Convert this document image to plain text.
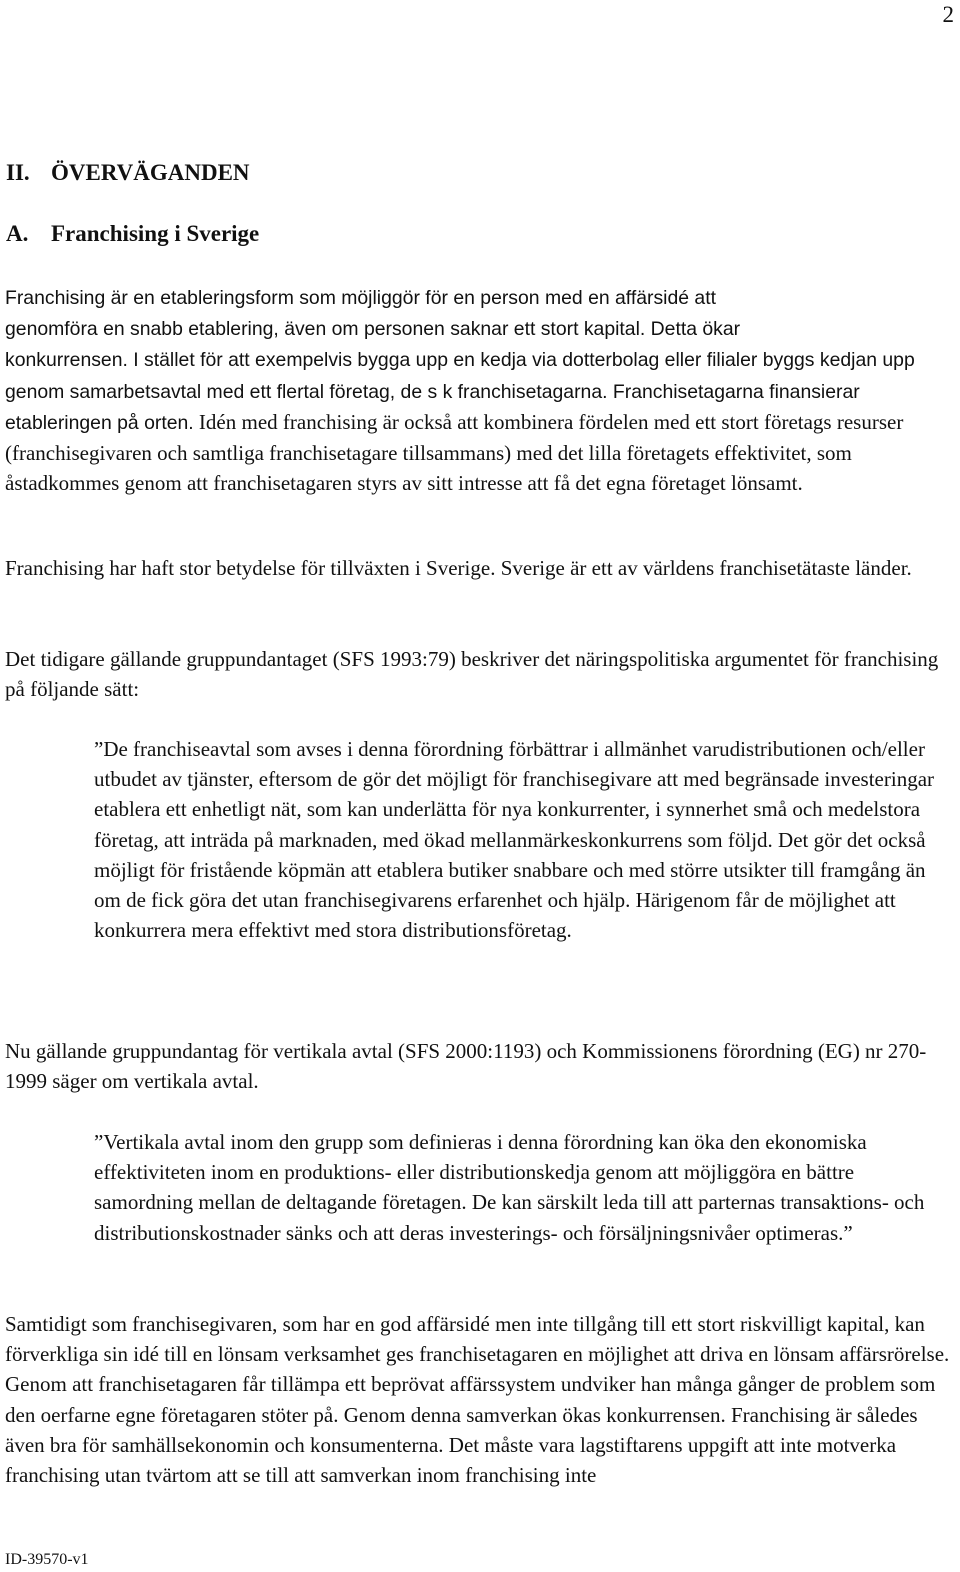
2
II. ÖVERVÄGANDEN
A. Franchising i Sverige

Franchising är en etableringsform som möjliggör för en person med en affärsidé att
genomföra en snabb etablering, även om personen saknar ett stort kapital. Detta ökar
konkurrensen. I stället för att exempelvis bygga upp en kedja via dotterbolag eller filialer byggs kedjan upp genom samarbetsavtal med ett flertal företag, de s k franchisetagarna. Franchisetagarna finansierar etableringen på orten. Idén med franchising är också att kombinera fördelen med ett stort företags resurser (franchisegivaren och samtliga franchisetagare tillsammans) med det lilla företagets effektivitet, som åstadkommes genom att franchisetagaren styrs av sitt intresse att få det egna företaget lönsamt.

Franchising har haft stor betydelse för tillväxten i Sverige. Sverige är ett av världens franchisetätaste länder.

Det tidigare gällande gruppundantaget (SFS 1993:79) beskriver det näringspolitiska argumentet för franchising på följande sätt:

”De franchiseavtal som avses i denna förordning förbättrar i allmänhet varudistributionen och/eller utbudet av tjänster, eftersom de gör det möjligt för franchisegivare att med begränsade investeringar etablera ett enhetligt nät, som kan underlätta för nya konkurrenter, i synnerhet små och medelstora företag, att inträda på marknaden, med ökad mellanmärkeskonkurrens som följd. Det gör det också möjligt för fristående köpmän att etablera butiker snabbare och med större utsikter till framgång än om de fick göra det utan franchisegivarens erfarenhet och hjälp. Härigenom får de möjlighet att konkurrera mera effektivt med stora distributionsföretag.

Nu gällande gruppundantag för vertikala avtal (SFS 2000:1193) och Kommissionens förordning (EG) nr 270-1999 säger om vertikala avtal.

”Vertikala avtal inom den grupp som definieras i denna förordning kan öka den ekonomiska effektiviteten inom en produktions- eller distributionskedja genom att möjliggöra en bättre samordning mellan de deltagande företagen. De kan särskilt leda till att parternas transaktions- och distributionskostnader sänks och att deras investerings- och försäljningsnivåer optimeras.”

Samtidigt som franchisegivaren, som har en god affärsidé men inte tillgång till ett stort riskvilligt kapital, kan förverkliga sin idé till en lönsam verksamhet ges franchisetagaren en möjlighet att driva en lönsam affärsrörelse. Genom att franchisetagaren får tillämpa ett beprövat affärssystem undviker han många gånger de problem som den oerfarne egne företagaren stöter på. Genom denna samverkan ökas konkurrensen. Franchising är således även bra för samhällsekonomin och konsumenterna. Det måste vara lagstiftarens uppgift att inte motverka franchising utan tvärtom att se till att samverkan inom franchising inte

ID-39570-v1
